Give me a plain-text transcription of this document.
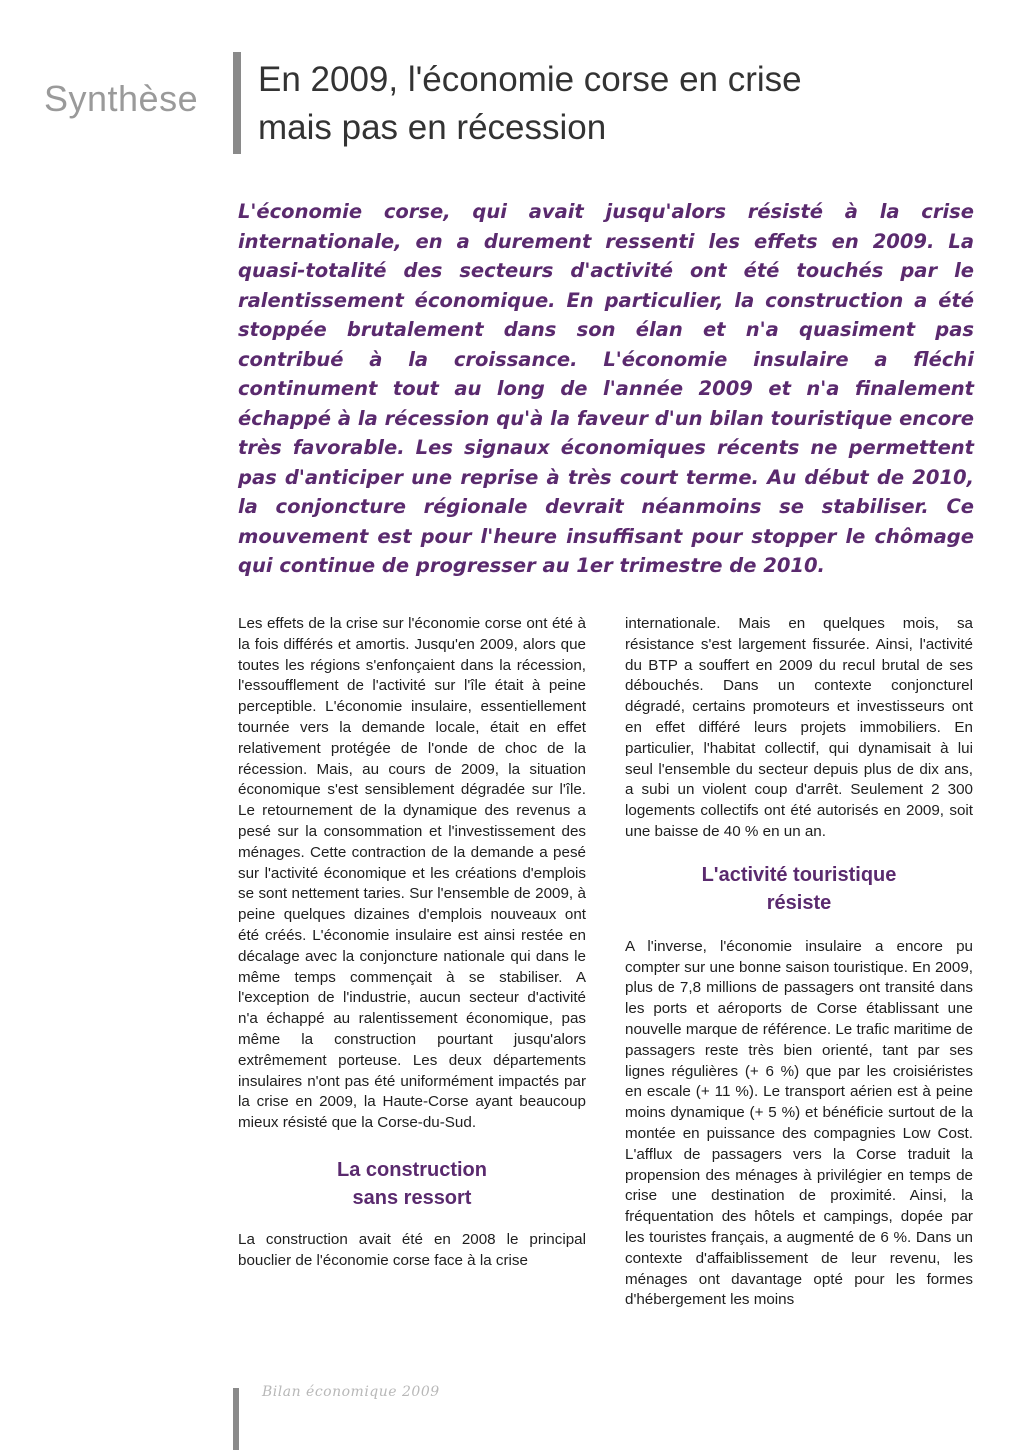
Synthèse En 2009, l'économie corse en crise
mais pas en récession

L'économie corse, qui avait jusqu'alors résisté à la crise internationale, en a durement ressenti les effets en 2009. La quasi-totalité des secteurs d'activité ont été touchés par le ralentissement économique. En particulier, la construction a été stoppée brutalement dans son élan et n'a quasiment pas contribué à la croissance. L'économie insulaire a fléchi continument tout au long de l'année 2009 et n'a finalement échappé à la récession qu'à la faveur d'un bilan touristique encore très favorable. Les signaux économiques récents ne permettent pas d'anticiper une reprise à très court terme. Au début de 2010, la conjoncture régionale devrait néanmoins se stabiliser. Ce mouvement est pour l'heure insuffisant pour stopper le chômage qui continue de progresser au 1er trimestre de 2010.

Les effets de la crise sur l'économie corse ont été à la fois différés et amortis. Jusqu'en 2009, alors que toutes les régions s'enfonçaient dans la récession, l'essoufflement de l'activité sur l'île était à peine perceptible. L'économie insulaire, essentiellement tournée vers la demande locale, était en effet relativement protégée de l'onde de choc de la récession. Mais, au cours de 2009, la situation économique s'est sensiblement dégradée sur l'île. Le retournement de la dynamique des revenus a pesé sur la consommation et l'investissement des ménages. Cette contraction de la demande a pesé sur l'activité économique et les créations d'emplois se sont nettement taries. Sur l'ensemble de 2009, à peine quelques dizaines d'emplois nouveaux ont été créés. L'économie insulaire est ainsi restée en décalage avec la conjoncture nationale qui dans le même temps commençait à se stabiliser. A l'exception de l'industrie, aucun secteur d'activité n'a échappé au ralentissement économique, pas même la construction pourtant jusqu'alors extrêmement porteuse. Les deux départements insulaires n'ont pas été uniformément impactés par la crise en 2009, la Haute-Corse ayant beaucoup mieux résisté que la Corse-du-Sud.

La construction
sans ressort

La construction avait été en 2008 le principal bouclier de l'économie corse face à la crise

internationale. Mais en quelques mois, sa résistance s'est largement fissurée. Ainsi, l'activité du BTP a souffert en 2009 du recul brutal de ses débouchés. Dans un contexte conjoncturel dégradé, certains promoteurs et investisseurs ont en effet différé leurs projets immobiliers. En particulier, l'habitat collectif, qui dynamisait à lui seul l'ensemble du secteur depuis plus de dix ans, a subi un violent coup d'arrêt. Seulement 2 300 logements collectifs ont été autorisés en 2009, soit une baisse de 40 % en un an.

L'activité touristique
résiste

A l'inverse, l'économie insulaire a encore pu compter sur une bonne saison touristique. En 2009, plus de 7,8 millions de passagers ont transité dans les ports et aéroports de Corse établissant une nouvelle marque de référence. Le trafic maritime de passagers reste très bien orienté, tant par ses lignes régulières (+ 6 %) que par les croisiéristes en escale (+ 11 %). Le transport aérien est à peine moins dynamique (+ 5 %) et bénéficie surtout de la montée en puissance des compagnies Low Cost. L'afflux de passagers vers la Corse traduit la propension des ménages à privilégier en temps de crise une destination de proximité. Ainsi, la fréquentation des hôtels et campings, dopée par les touristes français, a augmenté de 6 %. Dans un contexte d'affaiblissement de leur revenu, les ménages ont davantage opté pour les formes d'hébergement les moins

Bilan économique 2009
